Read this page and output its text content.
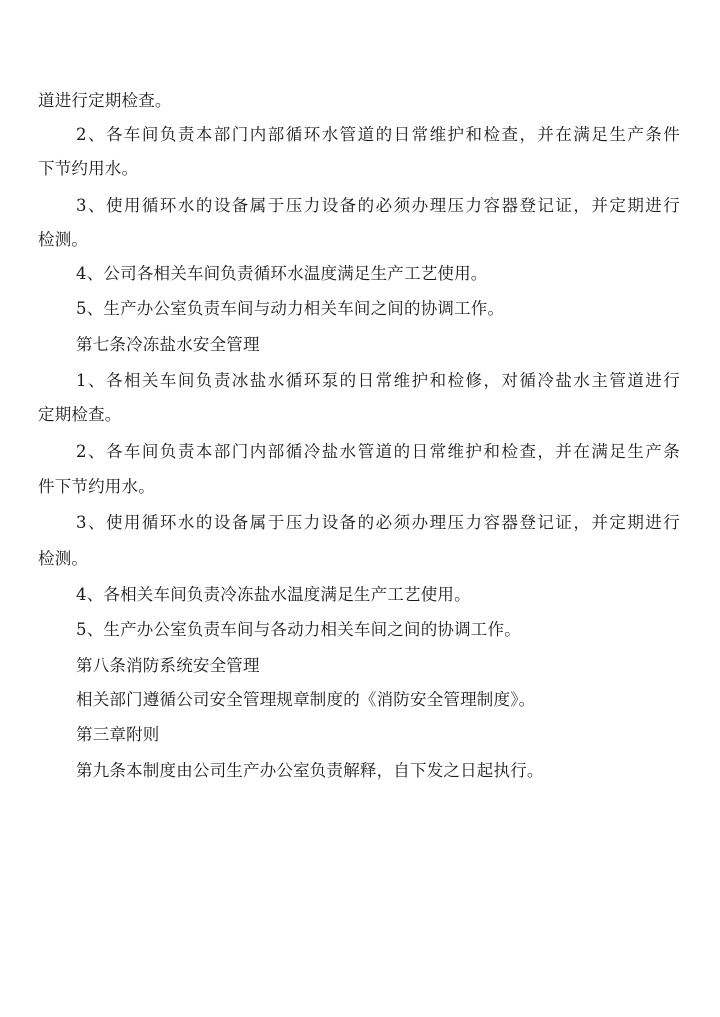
道进行定期检查。
2、各车间负责本部门内部循环水管道的日常维护和检查，并在满足生产条件
下节约用水。
3、使用循环水的设备属于压力设备的必须办理压力容器登记证，并定期进行
检测。
4、公司各相关车间负责循环水温度满足生产工艺使用。
5、生产办公室负责车间与动力相关车间之间的协调工作。
第七条冷冻盐水安全管理
1、各相关车间负责冰盐水循环泵的日常维护和检修，对循冷盐水主管道进行
定期检查。
2、各车间负责本部门内部循冷盐水管道的日常维护和检查，并在满足生产条
件下节约用水。
3、使用循环水的设备属于压力设备的必须办理压力容器登记证，并定期进行
检测。
4、各相关车间负责冷冻盐水温度满足生产工艺使用。
5、生产办公室负责车间与各动力相关车间之间的协调工作。
第八条消防系统安全管理
相关部门遵循公司安全管理规章制度的《消防安全管理制度》。
第三章附则
第九条本制度由公司生产办公室负责解释，自下发之日起执行。
